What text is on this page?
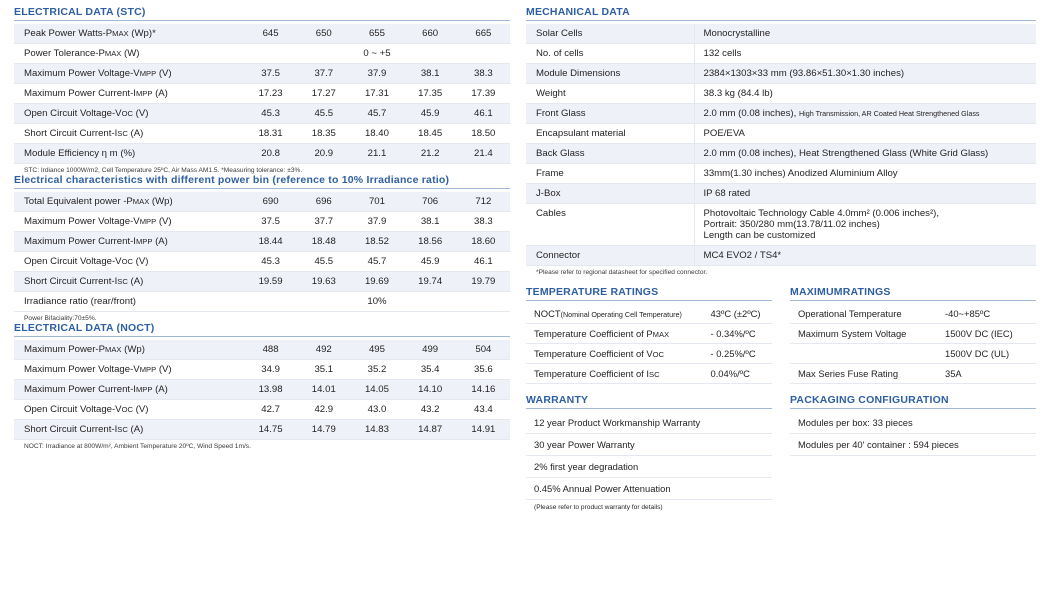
ELECTRICAL DATA (STC)
Peak Power Watts-PMAX (Wp)*	645	650	655	660	665
Power Tolerance-PMAX (W)	0 ~ +5				
Maximum Power Voltage-VMPP (V)	37.5	37.7	37.9	38.1	38.3
Maximum Power Current-IMPP (A)	17.23	17.27	17.31	17.35	17.39
Open Circuit Voltage-VOC (V)	45.3	45.5	45.7	45.9	46.1
Short Circuit Current-ISC (A)	18.31	18.35	18.40	18.45	18.50
Module Efficiency η m (%)	20.8	20.9	21.1	21.2	21.4

STC: Irdiance 1000W/m2, Cell Temperature 25ºC, Air Mass AM1.5. *Measuring tolerance: ±3%.

Electrical characteristics with different power bin (reference to 10% Irradiance ratio)
Total Equivalent power -PMAX (Wp)	690	696	701	706	712
Maximum Power Voltage-VMPP (V)	37.5	37.7	37.9	38.1	38.3
Maximum Power Current-IMPP (A)	18.44	18.48	18.52	18.56	18.60
Open Circuit Voltage-VOC (V)	45.3	45.5	45.7	45.9	46.1
Short Circuit Current-ISC (A)	19.59	19.63	19.69	19.74	19.79
Irradiance ratio (rear/front)	10%				

Power Bifaciality:70±5%.

ELECTRICAL DATA (NOCT)
Maximum Power-PMAX (Wp)	488	492	495	499	504
Maximum Power Voltage-VMPP (V)	34.9	35.1	35.2	35.4	35.6
Maximum Power Current-IMPP (A)	13.98	14.01	14.05	14.10	14.16
Open Circuit Voltage-VOC (V)	42.7	42.9	43.0	43.2	43.4
Short Circuit Current-ISC (A)	14.75	14.79	14.83	14.87	14.91

NOCT: Irradiance at 800W/m², Ambient Temperature 20ºC, Wind Speed 1m/s.

MECHANICAL DATA
Solar Cells	Monocrystalline
No. of cells	132 cells
Module Dimensions	2384×1303×33 mm (93.86×51.30×1.30 inches)
Weight	38.3 kg (84.4 lb)
Front Glass	2.0 mm (0.08 inches), High Transmission, AR Coated Heat Strengthened Glass
Encapsulant material	POE/EVA
Back Glass	2.0 mm (0.08 inches), Heat Strengthened Glass (White Grid Glass)
Frame	33mm(1.30 inches) Anodized Aluminium Alloy
J-Box	IP 68 rated
Cables	Photovoltaic Technology Cable 4.0mm² (0.006 inches²),
Portrait: 350/280 mm(13.78/11.02 inches)
Length can be customized
Connector	MC4 EVO2 / TS4*

*Please refer to regional datasheet for specified connector.

TEMPERATURE RATINGS
NOCT(Nominal Operating Cell Temperature)	43ºC (±2ºC)
Temperature Coefficient of PMAX	- 0.34%/ºC
Temperature Coefficient of VOC	- 0.25%/ºC
Temperature Coefficient of ISC	0.04%/ºC
MAXIMUMRATINGS
Operational Temperature	-40~+85ºC
Maximum System Voltage	1500V DC (IEC)
	1500V DC (UL)
Max Series Fuse Rating	35A
WARRANTY
12 year Product Workmanship Warranty
30 year Power Warranty
2% first year degradation
0.45% Annual Power Attenuation
(Please refer to product warranty for details)
PACKAGING CONFIGURATION
Modules per box: 33 pieces
Modules per 40' container : 594 pieces
